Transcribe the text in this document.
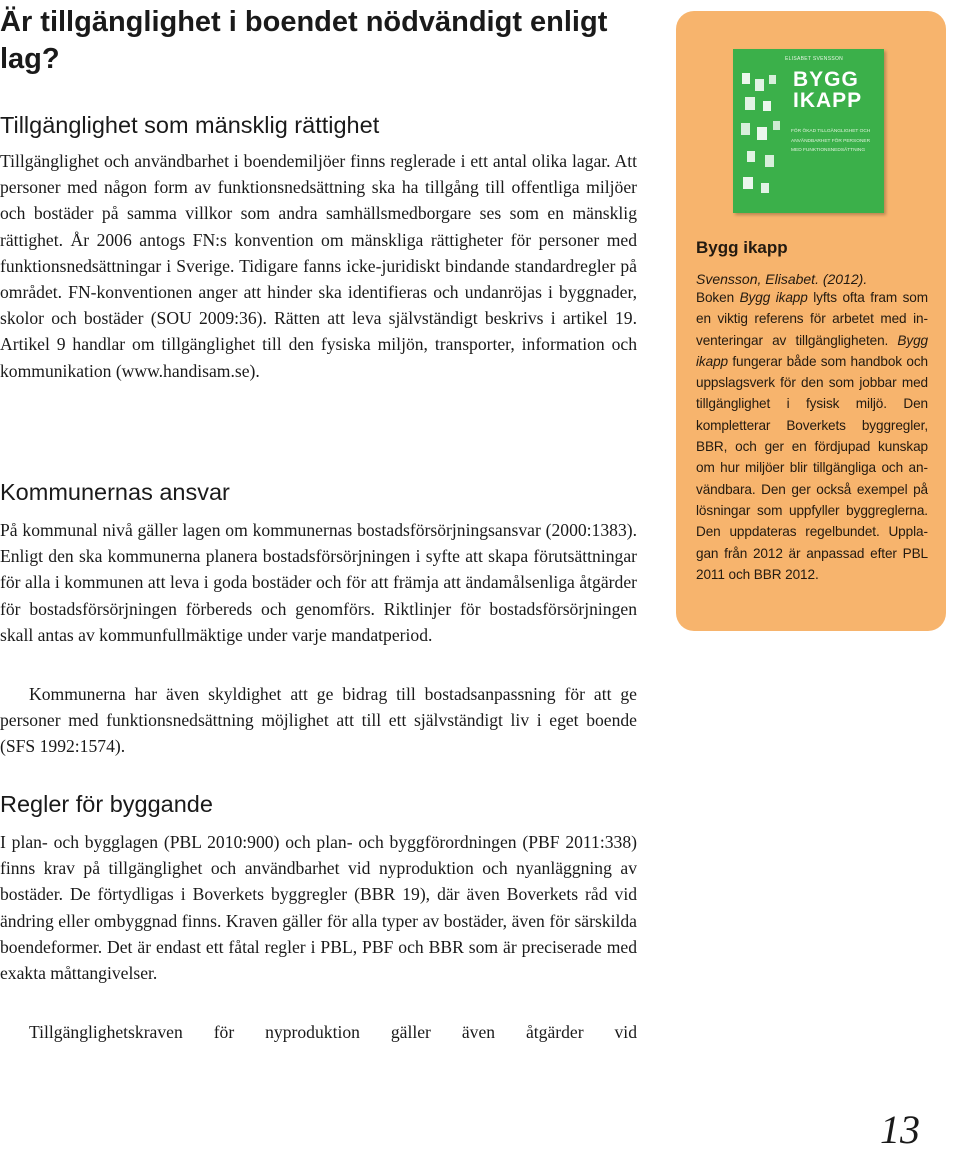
Är tillgänglighet i boendet nödvändigt enligt lag?
Tillgänglighet som mänsklig rättighet

Tillgänglighet och användbarhet i boendemiljöer finns reglerade i ett antal olika lagar. Att personer med någon form av funktionsnedsättning ska ha tillgång till offentliga miljöer och bostäder på samma villkor som andra samhällsmedborgare ses som en mänsklig rättighet. År 2006 antogs FN:s konvention om mänskliga rättigheter för personer med funktionsnedsättningar i Sverige. Tidigare fanns icke-juridiskt bindande standardregler på området. FN-konventionen anger att hinder ska identifieras och undanröjas i byggnader, skolor och bostäder (SOU 2009:36). Rätten att leva självständigt beskrivs i artikel 19. Artikel 9 handlar om tillgänglighet till den fysiska miljön, transporter, information och kommunikation (www.handisam.se).

Kommunernas ansvar

På kommunal nivå gäller lagen om kommunernas bostadsförsörjningsansvar (2000:1383). Enligt den ska kommunerna planera bostadsförsörjningen i syfte att skapa förutsättningar för alla i kommunen att leva i goda bostäder och för att främja att ändamålsenliga åtgärder för bostadsförsörjningen förbereds och genomförs. Riktlinjer för bostadsförsörjningen skall antas av kommunfullmäktige under varje mandatperiod.

Kommunerna har även skyldighet att ge bidrag till bostadsanpassning för att ge personer med funktionsnedsättning möjlighet att till ett självständigt liv i eget boende (SFS 1992:1574).

Regler för byggande

I plan- och bygglagen (PBL 2010:900) och plan- och byggförordningen (PBF 2011:338) finns krav på tillgänglighet och användbarhet vid nyproduktion och nyanläggning av bostäder. De förtydligas i Boverkets byggregler (BBR 19), där även Boverkets råd vid ändring eller ombyggnad finns. Kraven gäller för alla typer av bostäder, även för särskilda boendeformer. Det är endast ett fåtal regler i PBL, PBF och BBR som är preciserade med exakta måttangivelser.

Tillgänglighetskraven för nyproduktion gäller även åtgärder vid

ELISABET SVENSSON
BYGG
IKAPP
FÖR ÖKAD TILLGÄNGLIGHET OCH ANVÄNDBARHET FÖR PERSONER MED FUNKTIONSNEDSÄTTNING
Bygg ikapp
Svensson, Elisabet. (2012).
Boken Bygg ikapp lyfts ofta fram som en viktig referens för arbetet med inventeringar av tillgängligheten. Bygg ikapp fungerar både som handbok och uppslagsverk för den som jobbar med tillgänglighet i fysisk miljö. Den kompletterar Boverkets byggregler, BBR, och ger en fördjupad kunskap om hur miljöer blir tillgängliga och användbara. Den ger också exempel på lösningar som uppfyller byggreglerna. Den uppdateras regelbundet. Upplagan från 2012 är anpassad efter PBL 2011 och BBR 2012.
13
